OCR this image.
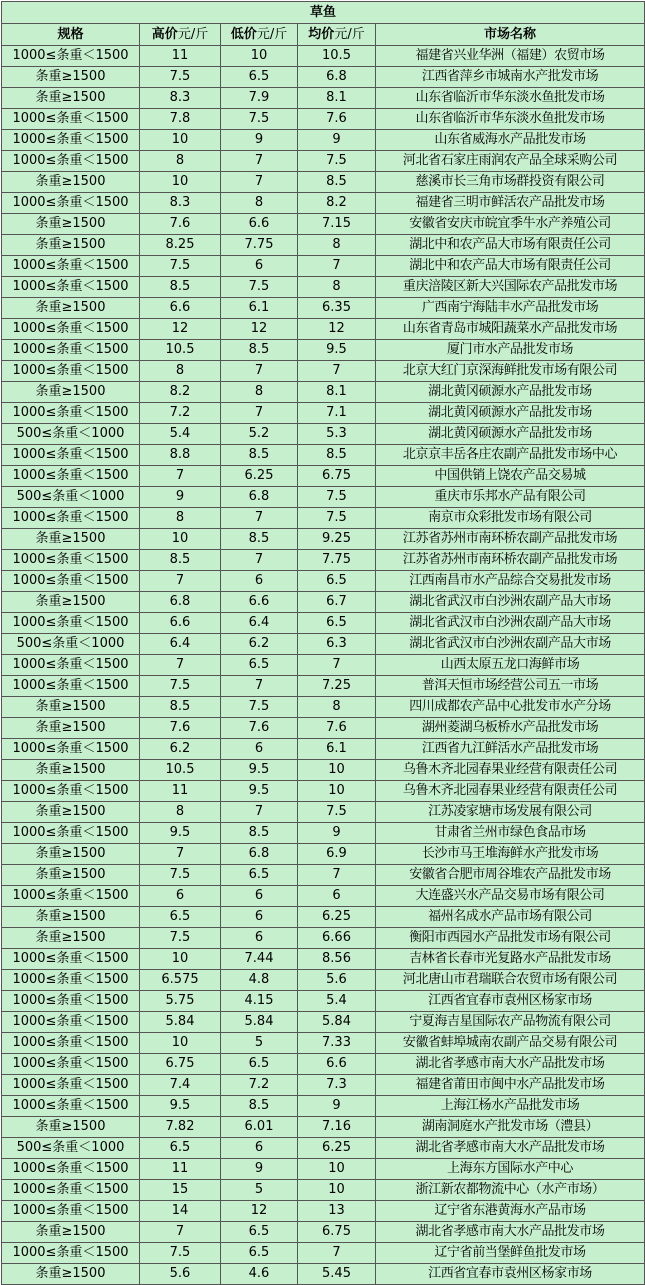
草鱼				
规格	高价元/斤	低价元/斤	均价元/斤	市场名称
1000≤条重＜1500	11	10	10.5	福建省兴业华洲（福建）农贸市场
条重≥1500	7.5	6.5	6.8	江西省萍乡市城南水产批发市场
条重≥1500	8.3	7.9	8.1	山东省临沂市华东淡水鱼批发市场
1000≤条重＜1500	7.8	7.5	7.6	山东省临沂市华东淡水鱼批发市场
1000≤条重＜1500	10	9	9	山东省威海水产品批发市场
1000≤条重＜1500	8	7	7.5	河北省石家庄雨润农产品全球采购公司
条重≥1500	10	7	8.5	慈溪市长三角市场群投资有限公司
1000≤条重＜1500	8.3	8	8.2	福建省三明市鲜活农产品批发市场
条重≥1500	7.6	6.6	7.15	安徽省安庆市皖宜季牛水产养殖公司
条重≥1500	8.25	7.75	8	湖北中和农产品大市场有限责任公司
1000≤条重＜1500	7.5	6	7	湖北中和农产品大市场有限责任公司
1000≤条重＜1500	8.5	7.5	8	重庆涪陵区新大兴国际农产品批发市场
条重≥1500	6.6	6.1	6.35	广西南宁海陆丰水产品批发市场
1000≤条重＜1500	12	12	12	山东省青岛市城阳蔬菜水产品批发市场
1000≤条重＜1500	10.5	8.5	9.5	厦门市水产品批发市场
1000≤条重＜1500	8	7	7	北京大红门京深海鲜批发市场有限公司
条重≥1500	8.2	8	8.1	湖北黄冈硕源水产品批发市场
1000≤条重＜1500	7.2	7	7.1	湖北黄冈硕源水产品批发市场
500≤条重＜1000	5.4	5.2	5.3	湖北黄冈硕源水产品批发市场
1000≤条重＜1500	8.8	8.5	8.5	北京京丰岳各庄农副产品批发市场中心
1000≤条重＜1500	7	6.25	6.75	中国供销上饶农产品交易城
500≤条重＜1000	9	6.8	7.5	重庆市乐邦水产品有限公司
1000≤条重＜1500	8	7	7.5	南京市众彩批发市场有限公司
条重≥1500	10	8.5	9.25	江苏省苏州市南环桥农副产品批发市场
1000≤条重＜1500	8.5	7	7.75	江苏省苏州市南环桥农副产品批发市场
1000≤条重＜1500	7	6	6.5	江西南昌市水产品综合交易批发市场
条重≥1500	6.8	6.6	6.7	湖北省武汉市白沙洲农副产品大市场
1000≤条重＜1500	6.6	6.4	6.5	湖北省武汉市白沙洲农副产品大市场
500≤条重＜1000	6.4	6.2	6.3	湖北省武汉市白沙洲农副产品大市场
1000≤条重＜1500	7	6.5	7	山西太原五龙口海鲜市场
1000≤条重＜1500	7.5	7	7.25	普洱天恒市场经营公司五一市场
条重≥1500	8.5	7.5	8	四川成都农产品中心批发市水产分场
条重≥1500	7.6	7.6	7.6	湖州菱湖乌板桥水产品批发市场
1000≤条重＜1500	6.2	6	6.1	江西省九江鲜活水产品批发市场
条重≥1500	10.5	9.5	10	乌鲁木齐北园春果业经营有限责任公司
1000≤条重＜1500	11	9.5	10	乌鲁木齐北园春果业经营有限责任公司
条重≥1500	8	7	7.5	江苏凌家塘市场发展有限公司
1000≤条重＜1500	9.5	8.5	9	甘肃省兰州市绿色食品市场
条重≥1500	7	6.8	6.9	长沙市马王堆海鲜水产批发市场
条重≥1500	7.5	6.5	7	安徽省合肥市周谷堆农产品批发市场
1000≤条重＜1500	6	6	6	大连盛兴水产品交易市场有限公司
条重≥1500	6.5	6	6.25	福州名成水产品市场有限公司
条重≥1500	7.5	6	6.66	衡阳市西园水产品批发市场有限公司
1000≤条重＜1500	10	7.44	8.56	吉林省长春市光复路水产品批发市场
1000≤条重＜1500	6.575	4.8	5.6	河北唐山市君瑞联合农贸市场有限公司
1000≤条重＜1500	5.75	4.15	5.4	江西省宜春市袁州区杨家市场
1000≤条重＜1500	5.84	5.84	5.84	宁夏海吉星国际农产品物流有限公司
1000≤条重＜1500	10	5	7.33	安徽省蚌埠城南农副产品交易有限公司
1000≤条重＜1500	6.75	6.5	6.6	湖北省孝感市南大水产品批发市场
1000≤条重＜1500	7.4	7.2	7.3	福建省莆田市闽中水产品批发市场
1000≤条重＜1500	9.5	8.5	9	上海江杨水产品批发市场
条重≥1500	7.82	6.01	7.16	湖南洞庭水产批发市场（澧县）
500≤条重＜1000	6.5	6	6.25	湖北省孝感市南大水产品批发市场
1000≤条重＜1500	11	9	10	上海东方国际水产中心
1000≤条重＜1500	15	5	10	浙江新农都物流中心（水产市场）
1000≤条重＜1500	14	12	13	辽宁省东港黄海水产品市场
条重≥1500	7	6.5	6.75	湖北省孝感市南大水产品批发市场
1000≤条重＜1500	7.5	6.5	7	辽宁省前当堡鲜鱼批发市场
条重≥1500	5.6	4.6	5.45	江西省宜春市袁州区杨家市场
